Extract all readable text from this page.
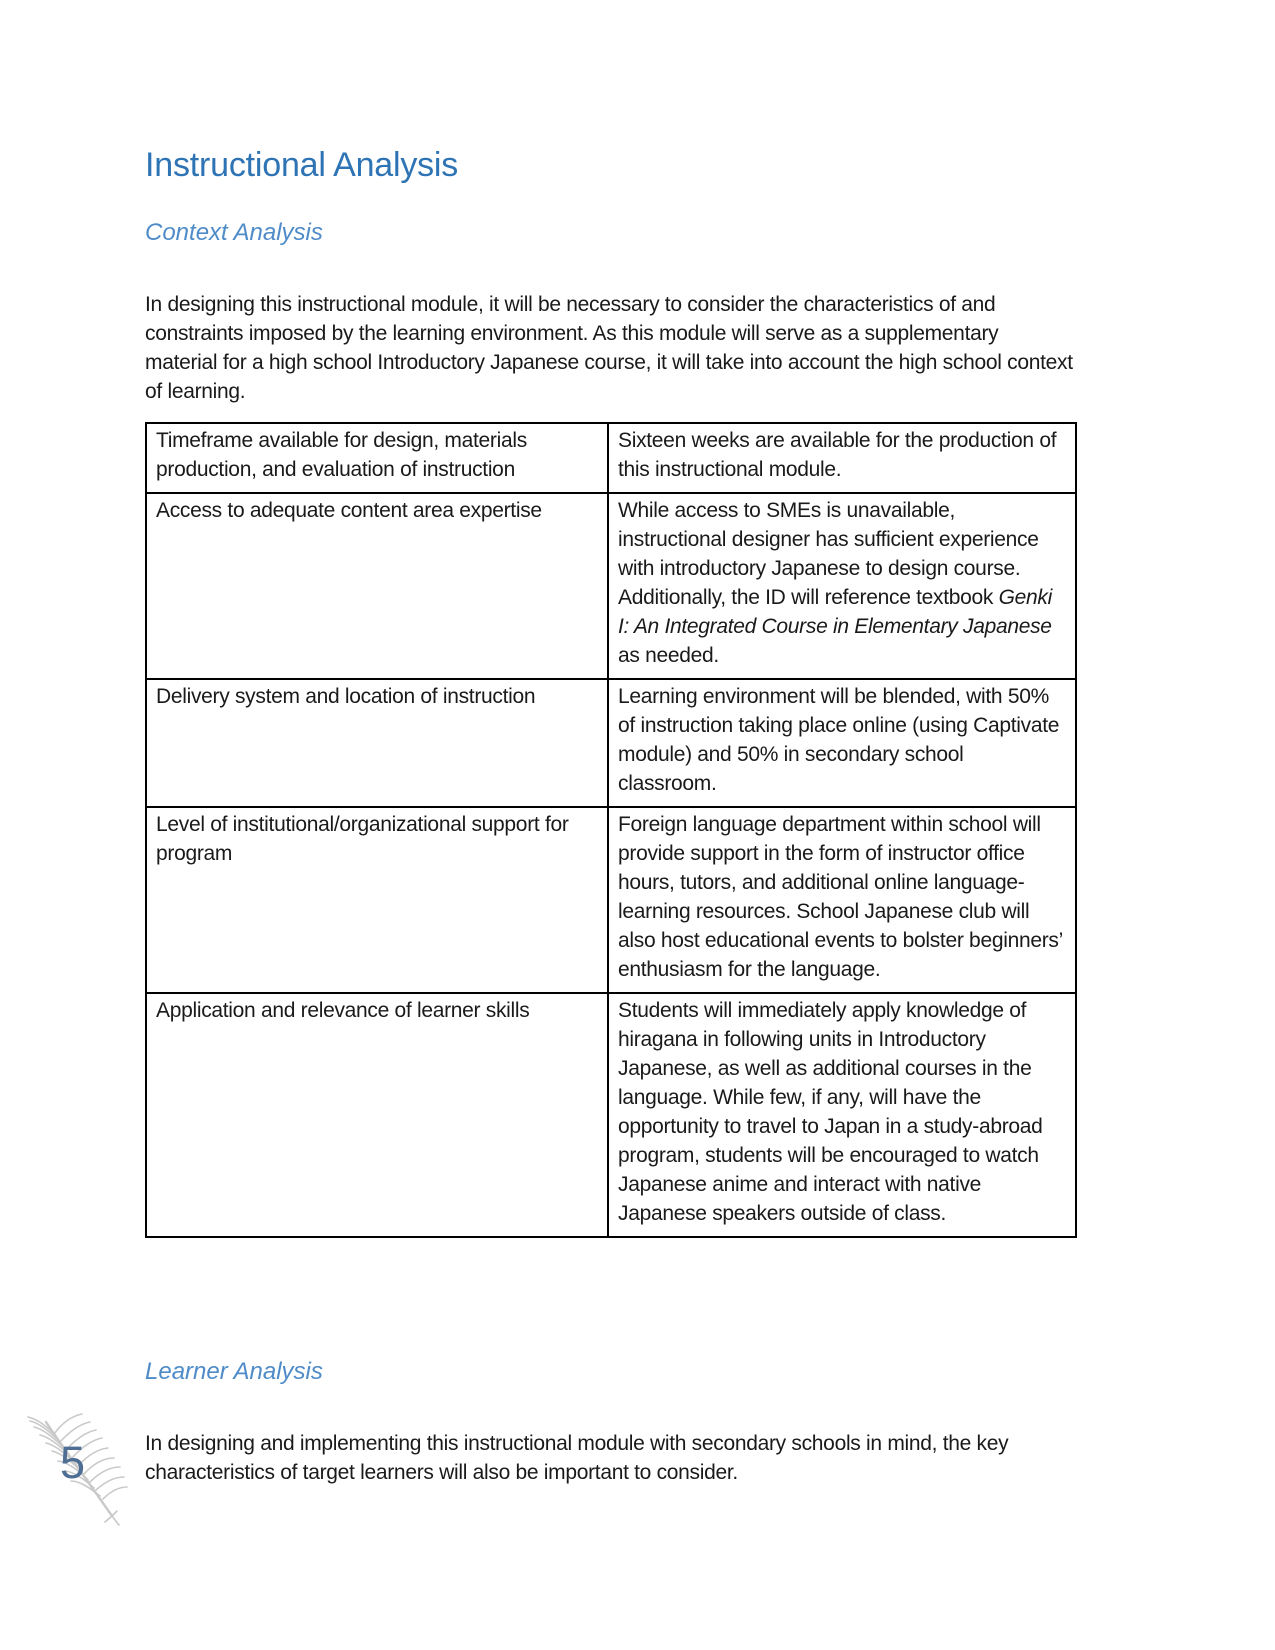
Instructional Analysis
Context Analysis

In designing this instructional module, it will be necessary to consider the characteristics of and constraints imposed by the learning environment. As this module will serve as a supplementary material for a high school Introductory Japanese course, it will take into account the high school context of learning.

Timeframe available for design, materials production, and evaluation of instruction	Sixteen weeks are available for the production of this instructional module.
Access to adequate content area expertise	While access to SMEs is unavailable, instructional designer has sufficient experience with introductory Japanese to design course. Additionally, the ID will reference textbook Genki I: An Integrated Course in Elementary Japanese as needed.
Delivery system and location of instruction	Learning environment will be blended, with 50% of instruction taking place online (using Captivate module) and 50% in secondary school classroom.
Level of institutional/organizational support for program	Foreign language department within school will provide support in the form of instructor office hours, tutors, and additional online language-learning resources. School Japanese club will also host educational events to bolster beginners’ enthusiasm for the language.
Application and relevance of learner skills	Students will immediately apply knowledge of hiragana in following units in Introductory Japanese, as well as additional courses in the language. While few, if any, will have the opportunity to travel to Japan in a study-abroad program, students will be encouraged to watch Japanese anime and interact with native Japanese speakers outside of class.
Learner Analysis

In designing and implementing this instructional module with secondary schools in mind, the key characteristics of target learners will also be important to consider.

5
